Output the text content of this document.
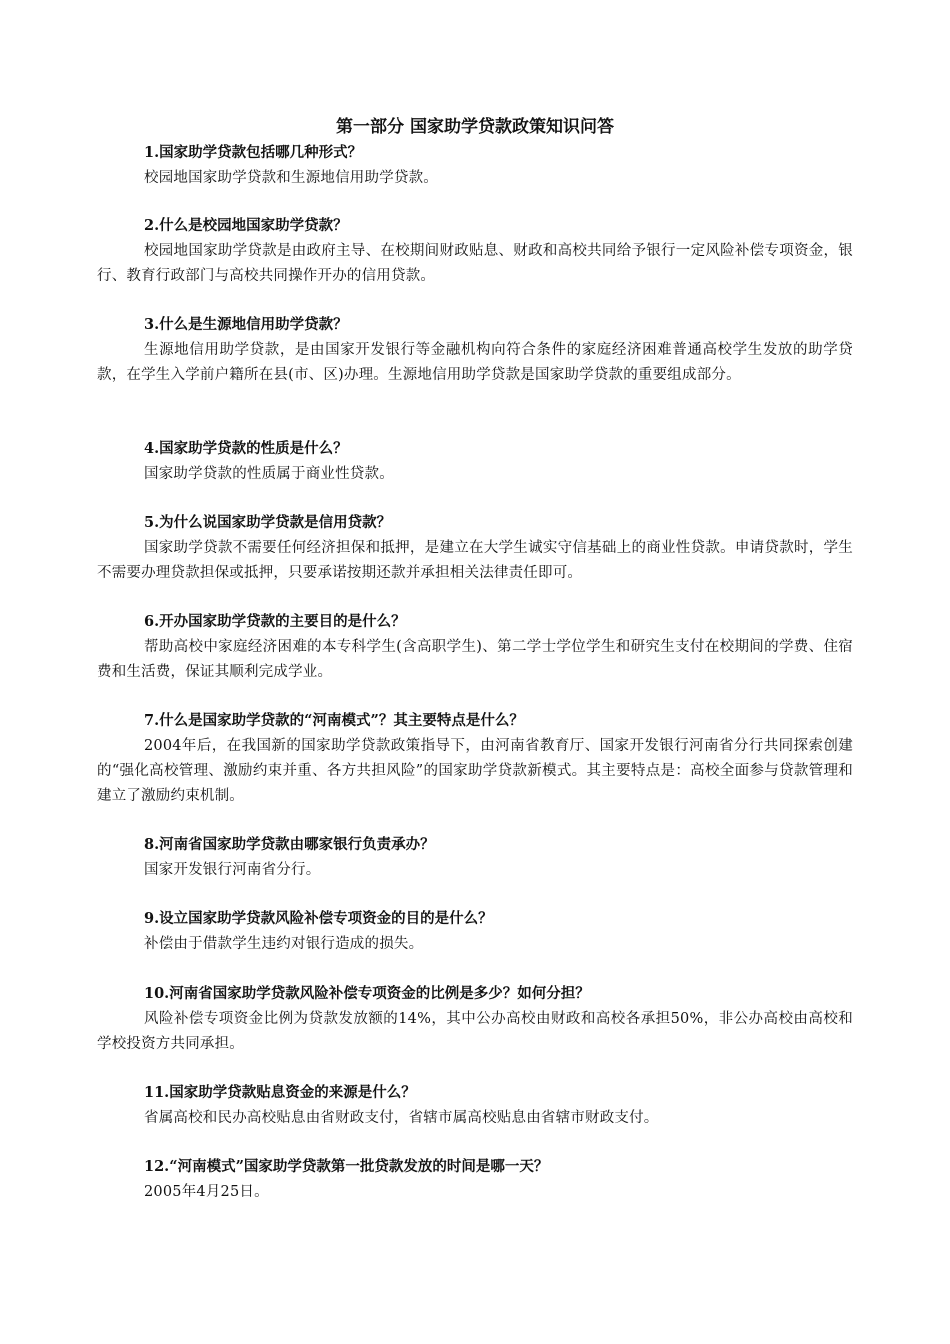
第一部分 国家助学贷款政策知识问答

1.国家助学贷款包括哪几种形式？

校园地国家助学贷款和生源地信用助学贷款。

2.什么是校园地国家助学贷款？

校园地国家助学贷款是由政府主导、在校期间财政贴息、财政和高校共同给予银行一定风险补偿专项资金，银行、教育行政部门与高校共同操作开办的信用贷款。

3.什么是生源地信用助学贷款？

生源地信用助学贷款，是由国家开发银行等金融机构向符合条件的家庭经济困难普通高校学生发放的助学贷款，在学生入学前户籍所在县(市、区)办理。生源地信用助学贷款是国家助学贷款的重要组成部分。

4.国家助学贷款的性质是什么？

国家助学贷款的性质属于商业性贷款。

5.为什么说国家助学贷款是信用贷款？

国家助学贷款不需要任何经济担保和抵押，是建立在大学生诚实守信基础上的商业性贷款。申请贷款时，学生不需要办理贷款担保或抵押，只要承诺按期还款并承担相关法律责任即可。

6.开办国家助学贷款的主要目的是什么？

帮助高校中家庭经济困难的本专科学生(含高职学生)、第二学士学位学生和研究生支付在校期间的学费、住宿费和生活费，保证其顺利完成学业。

7.什么是国家助学贷款的“河南模式”？其主要特点是什么？

2004年后，在我国新的国家助学贷款政策指导下，由河南省教育厅、国家开发银行河南省分行共同探索创建的“强化高校管理、激励约束并重、各方共担风险”的国家助学贷款新模式。其主要特点是：高校全面参与贷款管理和建立了激励约束机制。

8.河南省国家助学贷款由哪家银行负责承办？

国家开发银行河南省分行。

9.设立国家助学贷款风险补偿专项资金的目的是什么？

补偿由于借款学生违约对银行造成的损失。

10.河南省国家助学贷款风险补偿专项资金的比例是多少？如何分担？

风险补偿专项资金比例为贷款发放额的14%，其中公办高校由财政和高校各承担50%，非公办高校由高校和学校投资方共同承担。

11.国家助学贷款贴息资金的来源是什么？

省属高校和民办高校贴息由省财政支付，省辖市属高校贴息由省辖市财政支付。

12.“河南模式”国家助学贷款第一批贷款发放的时间是哪一天？

2005年4月25日。
